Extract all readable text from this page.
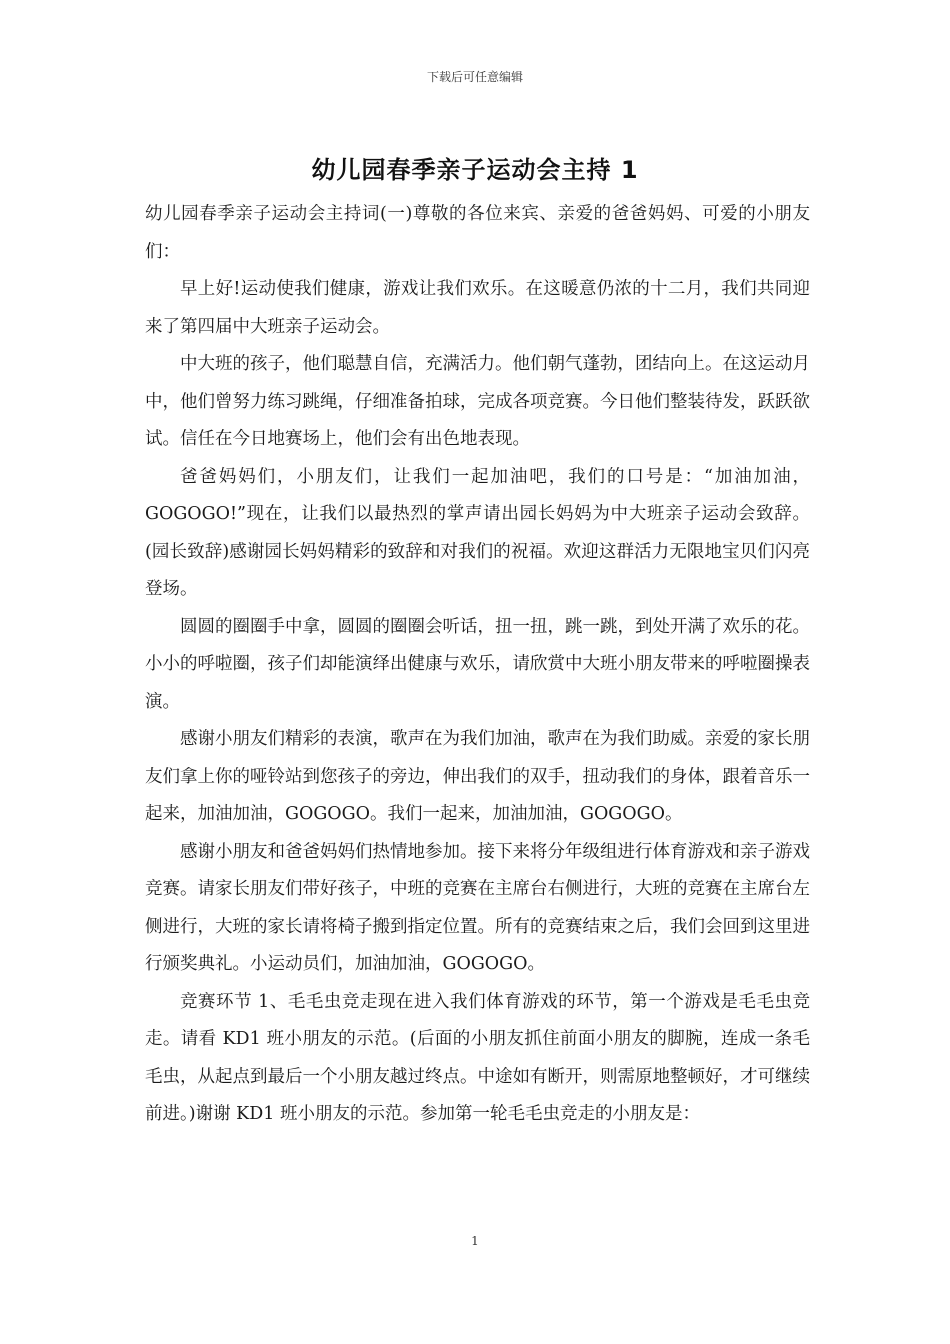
下载后可任意编辑
幼儿园春季亲子运动会主持 1

幼儿园春季亲子运动会主持词(一)尊敬的各位来宾、亲爱的爸爸妈妈、可爱的小朋友们：

早上好!运动使我们健康，游戏让我们欢乐。在这暖意仍浓的十二月，我们共同迎来了第四届中大班亲子运动会。

中大班的孩子，他们聪慧自信，充满活力。他们朝气蓬勃，团结向上。在这运动月中，他们曾努力练习跳绳，仔细准备拍球，完成各项竞赛。今日他们整装待发，跃跃欲试。信任在今日地赛场上，他们会有出色地表现。

爸爸妈妈们，小朋友们，让我们一起加油吧，我们的口号是：“加油加油，GOGOGO!”现在，让我们以最热烈的掌声请出园长妈妈为中大班亲子运动会致辞。(园长致辞)感谢园长妈妈精彩的致辞和对我们的祝福。欢迎这群活力无限地宝贝们闪亮登场。

圆圆的圈圈手中拿，圆圆的圈圈会听话，扭一扭，跳一跳，到处开满了欢乐的花。小小的呼啦圈，孩子们却能演绎出健康与欢乐，请欣赏中大班小朋友带来的呼啦圈操表演。

感谢小朋友们精彩的表演，歌声在为我们加油，歌声在为我们助威。亲爱的家长朋友们拿上你的哑铃站到您孩子的旁边，伸出我们的双手，扭动我们的身体，跟着音乐一起来，加油加油，GOGOGO。我们一起来，加油加油，GOGOGO。

感谢小朋友和爸爸妈妈们热情地参加。接下来将分年级组进行体育游戏和亲子游戏竞赛。请家长朋友们带好孩子，中班的竞赛在主席台右侧进行，大班的竞赛在主席台左侧进行，大班的家长请将椅子搬到指定位置。所有的竞赛结束之后，我们会回到这里进行颁奖典礼。小运动员们，加油加油，GOGOGO。

竞赛环节 1、毛毛虫竞走现在进入我们体育游戏的环节，第一个游戏是毛毛虫竞走。请看 KD1 班小朋友的示范。(后面的小朋友抓住前面小朋友的脚腕，连成一条毛毛虫，从起点到最后一个小朋友越过终点。中途如有断开，则需原地整顿好，才可继续前进。)谢谢 KD1 班小朋友的示范。参加第一轮毛毛虫竞走的小朋友是：

1
